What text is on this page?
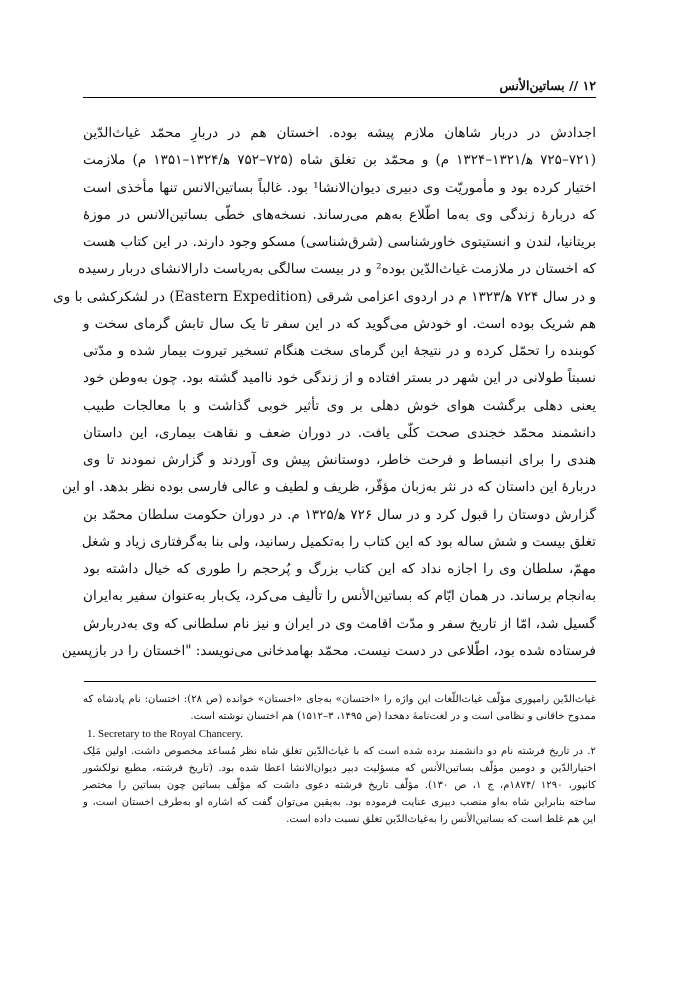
۱۲ // بساتین‌الأنس
اجدادش در دربار شاهان ملازم پیشه بوده. اخستان هم در دربارِ محمّد غیاث‌الدّین
(۷۲۱–۷۲۵ ﻫ/۱۳۲۱–۱۳۲۴ م) و محمّد بن تغلق شاه (۷۲۵–۷۵۲ ﻫ/۱۳۲۴–۱۳۵۱ م) ملازمت
اختیار کرده بود و مأموریّت وی دبیری دیوان‌الانشا¹ بود. غالباً بساتین‌الانس تنها مأخذی است
که دربارهٔ زندگی وی به‌ما اطّلاع به‌هم می‌رساند. نسخه‌های خطّی بساتین‌الانس در موزهٔ
بریتانیا، لندن و انستیتوی خاورشناسی (شرق‌شناسی) مسکو وجود دارند. در این کتاب هست
که اخستان در ملازمت غیاث‌الدّین بوده² و در بیست سالگی به‌ریاست دارالانشای دربار رسیده
و در سال ۷۲۴ ﻫ/۱۳۲۳ م در اردوی اعزامی شرقی (Eastern Expedition) در لشکرکشی با وی
هم شریک بوده است. او خودش می‌گوید که در این سفر تا یک سال تابش گرمای سخت و
کوبنده را تحمّل کرده و در نتیجهٔ این گرمای سخت هنگام تسخیر تیروت بیمار شده و مدّتی
نسبتاً طولانی در این شهر در بستر افتاده و از زندگی خود ناامید گشته بود. چون به‌وطن خود
یعنی دهلی برگشت هوای خوش دهلی بر وی تأثیر خوبی گذاشت و با معالجات طبیب
دانشمند محمّد خجندی صحت کلّی یافت. در دوران ضعف و نقاهت بیماری، این داستان
هندی را برای انبساط و فرحت خاطر، دوستانش پیش وی آوردند و گزارش نمودند تا وی
دربارهٔ این داستان که در نثر به‌زبان مؤقّر، ظریف و لطیف و عالی فارسی بوده نظر بدهد. او این
گزارش دوستان را قبول کرد و در سال ۷۲۶ ﻫ/۱۳۲۵ م. در دوران حکومت سلطان محمّد بن
تغلق بیست و شش ساله بود که این کتاب را به‌تکمیل رسانید، ولی بنا به‌گرفتاری زیاد و شغل
مهمّ، سلطان وی را اجازه نداد که این کتاب بزرگ و پُرحجم را طوری که خیال داشته بود
به‌انجام برساند. در همان ایّام که بساتین‌الأنس را تألیف می‌کرد، یک‌بار به‌عنوان سفیر به‌ایران
گسیل شد، امّا از تاریخ سفر و مدّت اقامت وی در ایران و نیز نام سلطانی که وی به‌دربارش
فرستاده شده بود، اطّلاعی در دست نیست. محمّد بهامدخانی می‌نویسد: "اخستان را در بازپسین
غیاث‌الدّین رامپوری مؤلّف غیاث‌اللّغات این واژه را «اختسان» به‌جای «اخستان» خوانده (ص ۲۸): اختسان: نام پادشاه که
ممدوح خاقانی و نظامی است و در لغت‌نامهٔ دهخدا (ص ۱۴۹۵، ۳–۱۵۱۲) هم اختسان نوشته است.
1. Secretary to the Royal Chancery.
۲. در تاریخ فرشته نام دو دانشمند برده شده است که با غیاث‌الدّین تغلق شاه نظر مُساعد مخصوص داشت. اولین مَلِک
اختیارالدّین و دومین مؤلّف بساتین‌الأنس که مسؤلیت دبیر دیوان‌الانشا اعطا شده بود. (تاریخ فرشته، مطبع نولکشور
کانپور، ۱۲۹۰ /۱۸۷۴م، ج ۱، ص ۱۳۰). مؤلّف تاریخ فرشته دعوی داشت که مؤلّف بساتین چون بساتین را مختصر
ساخته بنابراین شاه به‌او منصب دبیری عنایت فرموده بود. به‌یقین می‌توان گفت که اشاره او به‌طرف اخستان است، و
این هم غلط است که بساتین‌الأنس را به‌غیاث‌الدّین تغلق نسبت داده است.
